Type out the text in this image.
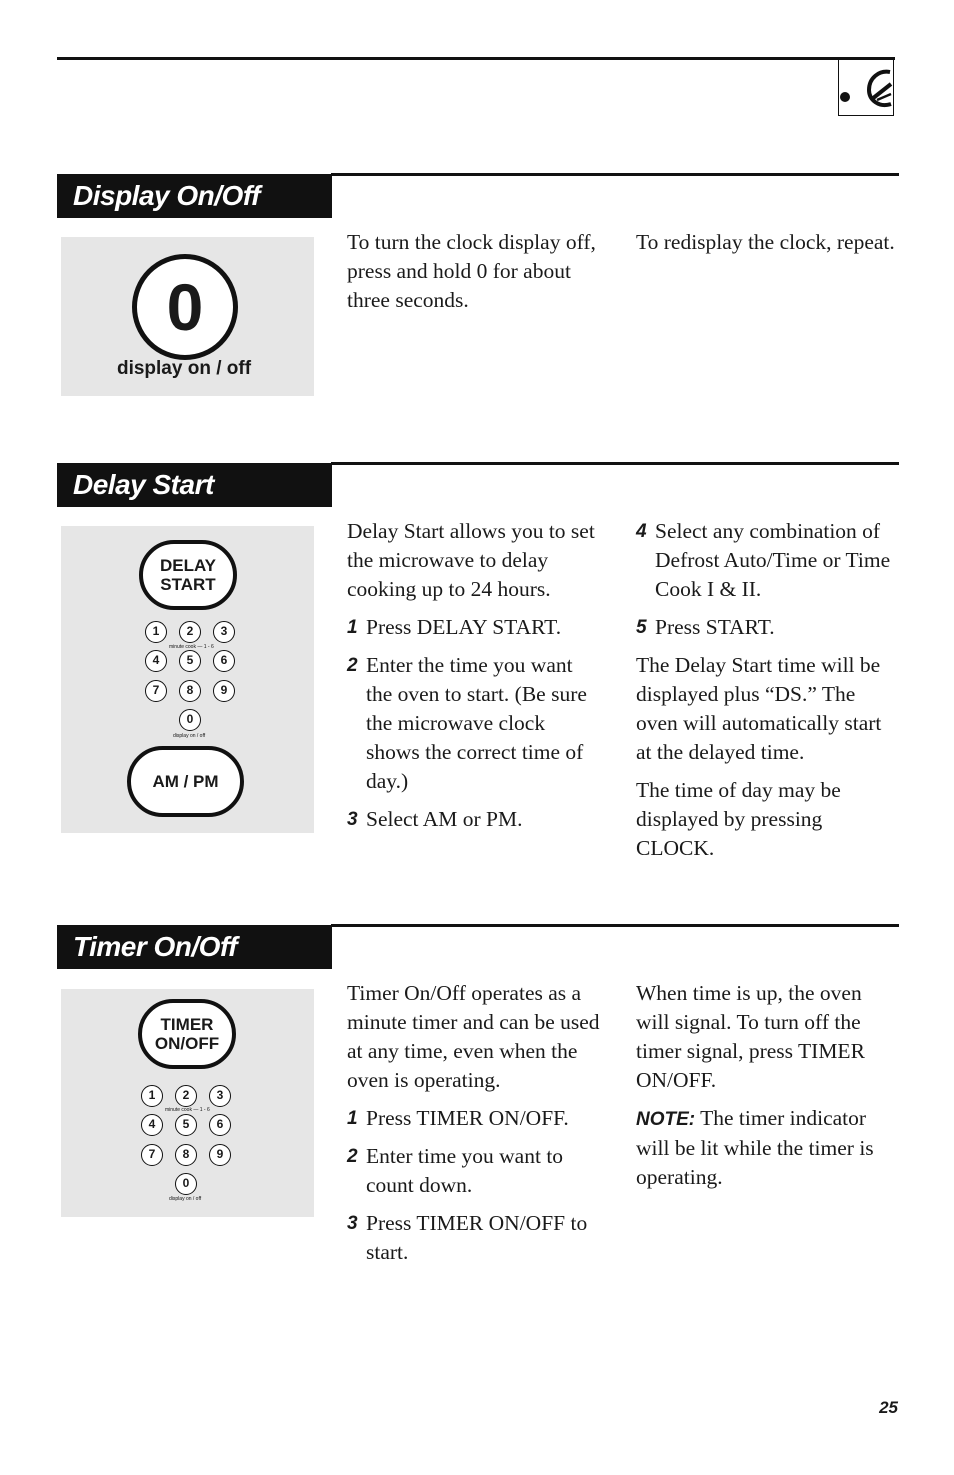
Display On/Off
0
display on / off

To turn the clock display off, press and hold 0 for about three seconds.

To redisplay the clock, repeat.

Delay Start
DELAY
START
1	2	3
minute cook — 1 - 6
4	5	6
7	8	9
0
display on / off
AM / PM

Delay Start allows you to set the microwave to delay cooking up to 24 hours.

1 Press DELAY START.
2 Enter the time you want the oven to start. (Be sure the microwave clock shows the correct time of day.)
3 Select AM or PM.
4 Select any combination of Defrost Auto/Time or Time Cook I & II.
5 Press START.

The Delay Start time will be displayed plus “DS.” The oven will automatically start at the delayed time.

The time of day may be displayed by pressing CLOCK.

Timer On/Off
TIMER
ON/OFF
1	2	3
minute cook — 1 - 6
4	5	6
7	8	9
0
display on / off

Timer On/Off operates as a minute timer and can be used at any time, even when the oven is operating.

1 Press TIMER ON/OFF.
2 Enter time you want to count down.
3 Press TIMER ON/OFF to start.

When time is up, the oven will signal. To turn off the timer signal, press TIMER ON/OFF.

NOTE: The timer indicator will be lit while the timer is operating.

25
